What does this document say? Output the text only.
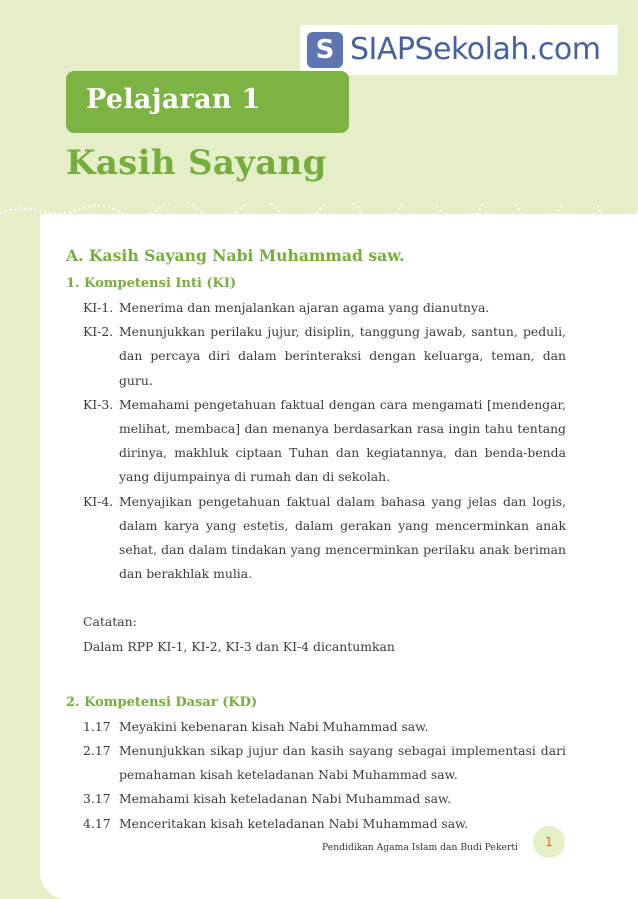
S SIAPSekolah.com
Pelajaran 1
Kasih Sayang
A. Kasih Sayang Nabi Muhammad saw.
1. Kompetensi Inti (KI)
KI-1. Menerima dan menjalankan ajaran agama yang dianutnya.
KI-2. Menunjukkan perilaku jujur, disiplin, tanggung jawab, santun, peduli, dan percaya diri dalam berinteraksi dengan keluarga, teman, dan guru.
KI-3. Memahami pengetahuan faktual dengan cara mengamati [mendengar, melihat, membaca] dan menanya berdasarkan rasa ingin tahu tentang dirinya, makhluk ciptaan Tuhan dan kegiatannya, dan benda-benda yang dijumpainya di rumah dan di sekolah.
KI-4. Menyajikan pengetahuan faktual dalam bahasa yang jelas dan logis, dalam karya yang estetis, dalam gerakan yang mencerminkan anak sehat, dan dalam tindakan yang mencerminkan perilaku anak beriman dan berakhlak mulia.
Catatan:
Dalam RPP KI-1, KI-2, KI-3 dan KI-4 dicantumkan
2. Kompetensi Dasar (KD)
1.17 Meyakini kebenaran kisah Nabi Muhammad saw.
2.17 Menunjukkan sikap jujur dan kasih sayang sebagai implementasi dari pemahaman kisah keteladanan Nabi Muhammad saw.
3.17 Memahami kisah keteladanan Nabi Muhammad saw.
4.17 Menceritakan kisah keteladanan Nabi Muhammad saw.
Pendidikan Agama Islam dan Budi Pekerti	1
